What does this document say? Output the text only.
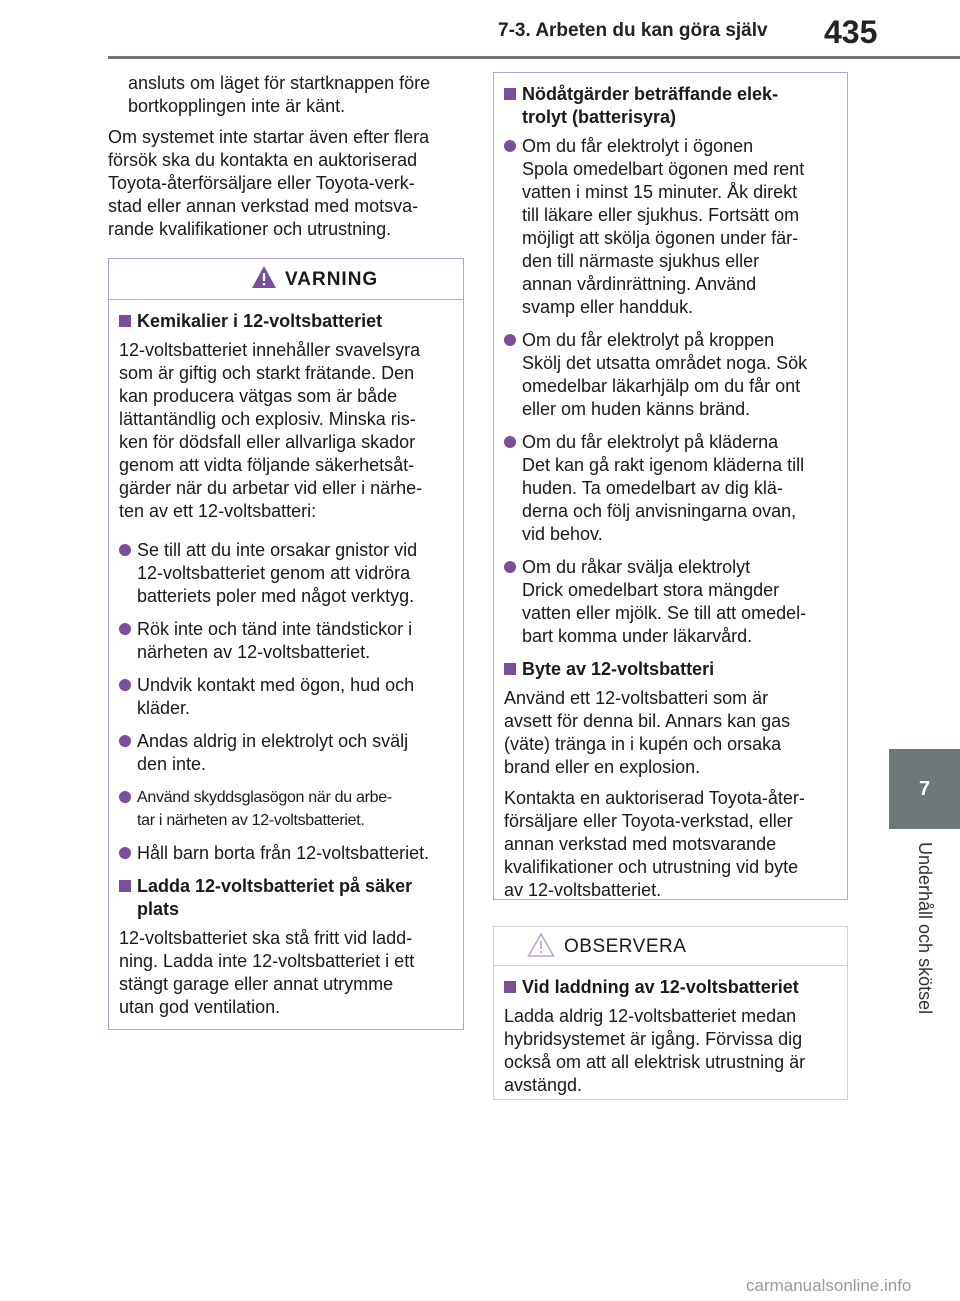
7-3. Arbeten du kan göra själv 435
7
Underhåll och skötsel
ansluts om läget för startknappen före
bortkopplingen inte är känt.
Om systemet inte startar även efter flera
försök ska du kontakta en auktoriserad
Toyota-återförsäljare eller Toyota-verk-
stad eller annan verkstad med motsva-
rande kvalifikationer och utrustning.
VARNING
Kemikalier i 12-voltsbatteriet
12-voltsbatteriet innehåller svavelsyra
som är giftig och starkt frätande. Den
kan producera vätgas som är både
lättantändlig och explosiv. Minska ris-
ken för dödsfall eller allvarliga skador
genom att vidta följande säkerhetsåt-
gärder när du arbetar vid eller i närhe-
ten av ett 12-voltsbatteri:
Se till att du inte orsakar gnistor vid
12-voltsbatteriet genom att vidröra
batteriets poler med något verktyg.
Rök inte och tänd inte tändstickor i
närheten av 12-voltsbatteriet.
Undvik kontakt med ögon, hud och
kläder.
Andas aldrig in elektrolyt och svälj
den inte.
Använd skyddsglasögon när du arbe-
tar i närheten av 12-voltsbatteriet.
Håll barn borta från 12-voltsbatteriet.
Ladda 12-voltsbatteriet på säker
plats
12-voltsbatteriet ska stå fritt vid ladd-
ning. Ladda inte 12-voltsbatteriet i ett
stängt garage eller annat utrymme
utan god ventilation.
Nödåtgärder beträffande elek-
trolyt (batterisyra)
Om du får elektrolyt i ögonen
Spola omedelbart ögonen med rent
vatten i minst 15 minuter. Åk direkt
till läkare eller sjukhus. Fortsätt om
möjligt att skölja ögonen under fär-
den till närmaste sjukhus eller
annan vårdinrättning. Använd
svamp eller handduk.
Om du får elektrolyt på kroppen
Skölj det utsatta området noga. Sök
omedelbar läkarhjälp om du får ont
eller om huden känns bränd.
Om du får elektrolyt på kläderna
Det kan gå rakt igenom kläderna till
huden. Ta omedelbart av dig klä-
derna och följ anvisningarna ovan,
vid behov.
Om du råkar svälja elektrolyt
Drick omedelbart stora mängder
vatten eller mjölk. Se till att omedel-
bart komma under läkarvård.
Byte av 12-voltsbatteri
Använd ett 12-voltsbatteri som är
avsett för denna bil. Annars kan gas
(väte) tränga in i kupén och orsaka
brand eller en explosion.
Kontakta en auktoriserad Toyota-åter-
försäljare eller Toyota-verkstad, eller
annan verkstad med motsvarande
kvalifikationer och utrustning vid byte
av 12-voltsbatteriet.
OBSERVERA
Vid laddning av 12-voltsbatteriet
Ladda aldrig 12-voltsbatteriet medan
hybridsystemet är igång. Förvissa dig
också om att all elektrisk utrustning är
avstängd.
carmanualsonline.info
